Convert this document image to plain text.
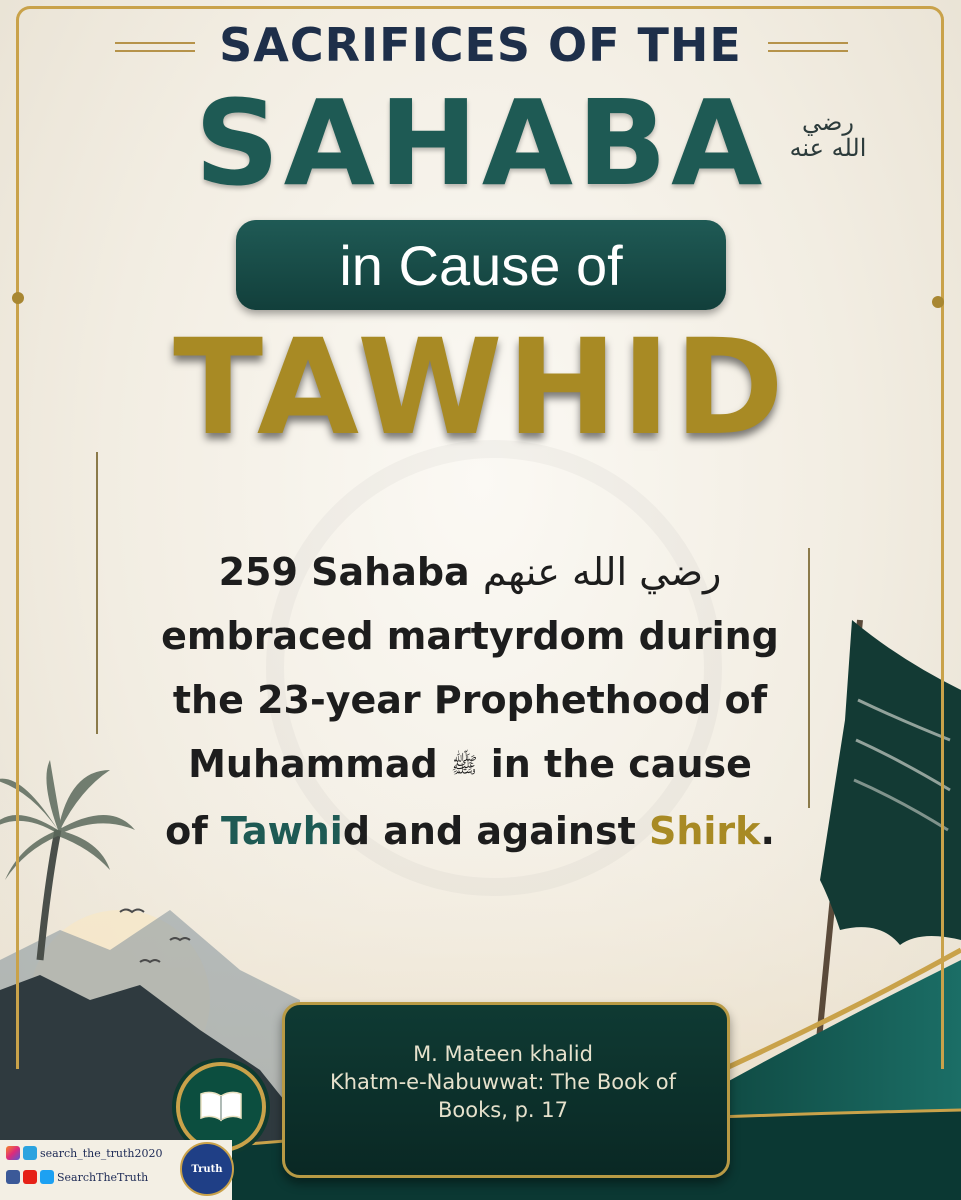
SACRIFICES OF THE
SAHABA	رضي الله عنه
in Cause of
TAWHID
259 Sahaba رضي الله عنهم
embraced martyrdom during
the 23-year Prophethood of
Muhammad ﷺ in the cause
of Tawhid and against Shirk.
M. Mateen khalid
Khatm-e-Nabuwwat: The Book of Books, p. 17
search_the_truth2020
SearchTheTruth
Truth
